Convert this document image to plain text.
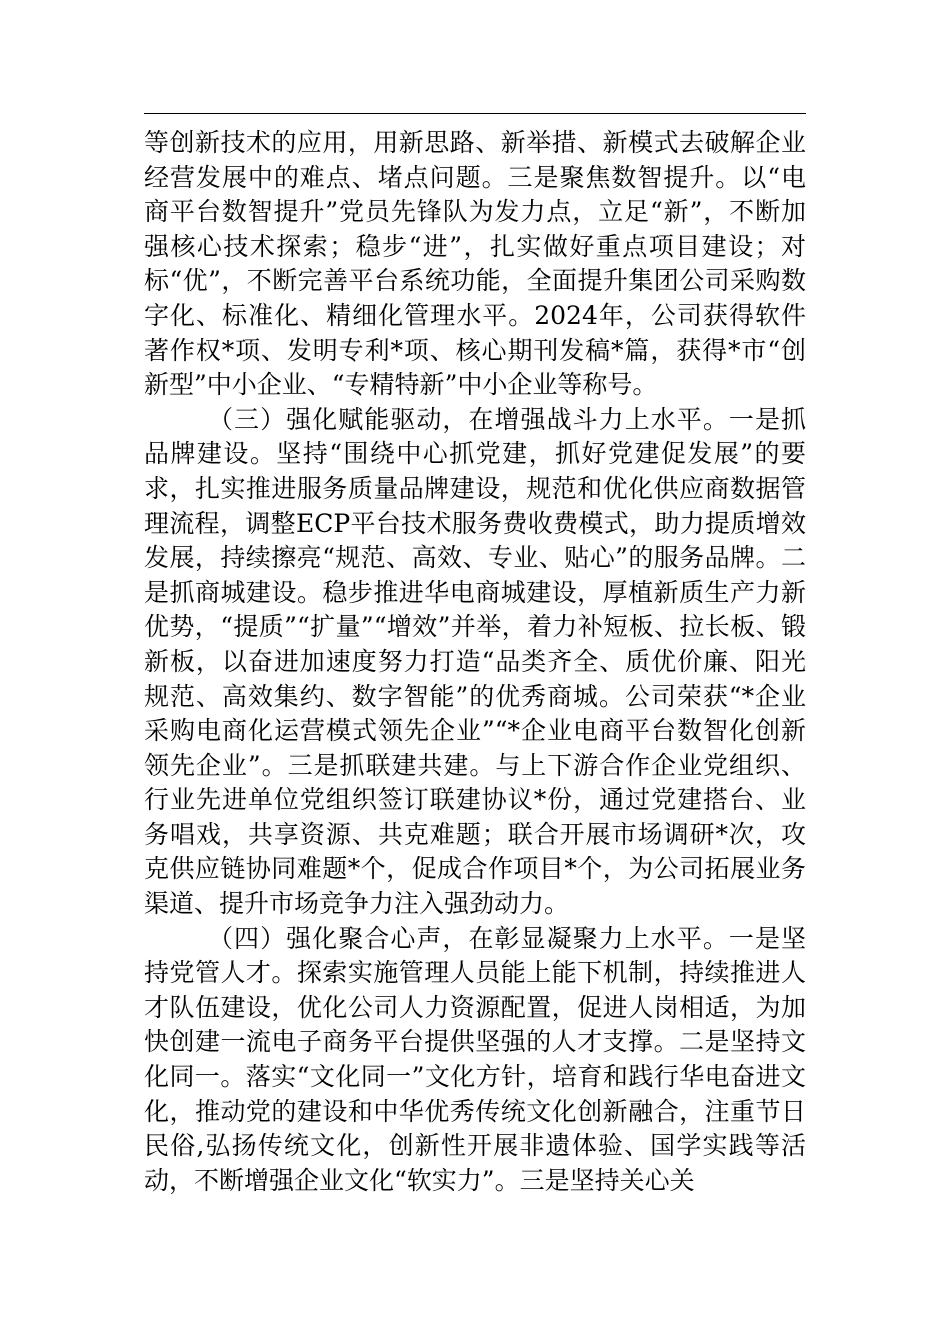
等创新技术的应用，用新思路、新举措、新模式去破解企业经营发展中的难点、堵点问题。三是聚焦数智提升。以“电商平台数智提升”党员先锋队为发力点，立足“新”，不断加强核心技术探索；稳步“进”，扎实做好重点项目建设；对标“优”，不断完善平台系统功能，全面提升集团公司采购数字化、标准化、精细化管理水平。2024年，公司获得软件著作权*项、发明专利*项、核心期刊发稿*篇，获得*市“创新型”中小企业、“专精特新”中小企业等称号。

（三）强化赋能驱动，在增强战斗力上水平。一是抓品牌建设。坚持“围绕中心抓党建，抓好党建促发展”的要求，扎实推进服务质量品牌建设，规范和优化供应商数据管理流程，调整ECP平台技术服务费收费模式，助力提质增效发展，持续擦亮“规范、高效、专业、贴心”的服务品牌。二是抓商城建设。稳步推进华电商城建设，厚植新质生产力新优势，“提质”“扩量”“增效”并举，着力补短板、拉长板、锻新板，以奋进加速度努力打造“品类齐全、质优价廉、阳光规范、高效集约、数字智能”的优秀商城。公司荣获“*企业采购电商化运营模式领先企业”“*企业电商平台数智化创新领先企业”。三是抓联建共建。与上下游合作企业党组织、行业先进单位党组织签订联建协议*份，通过党建搭台、业务唱戏，共享资源、共克难题；联合开展市场调研*次，攻克供应链协同难题*个，促成合作项目*个，为公司拓展业务渠道、提升市场竞争力注入强劲动力。

（四）强化聚合心声，在彰显凝聚力上水平。一是坚持党管人才。探索实施管理人员能上能下机制，持续推进人才队伍建设，优化公司人力资源配置，促进人岗相适，为加快创建一流电子商务平台提供坚强的人才支撑。二是坚持文化同一。落实“文化同一”文化方针，培育和践行华电奋进文化，推动党的建设和中华优秀传统文化创新融合，注重节日民俗,弘扬传统文化，创新性开展非遗体验、国学实践等活动，不断增强企业文化“软实力”。三是坚持关心关
